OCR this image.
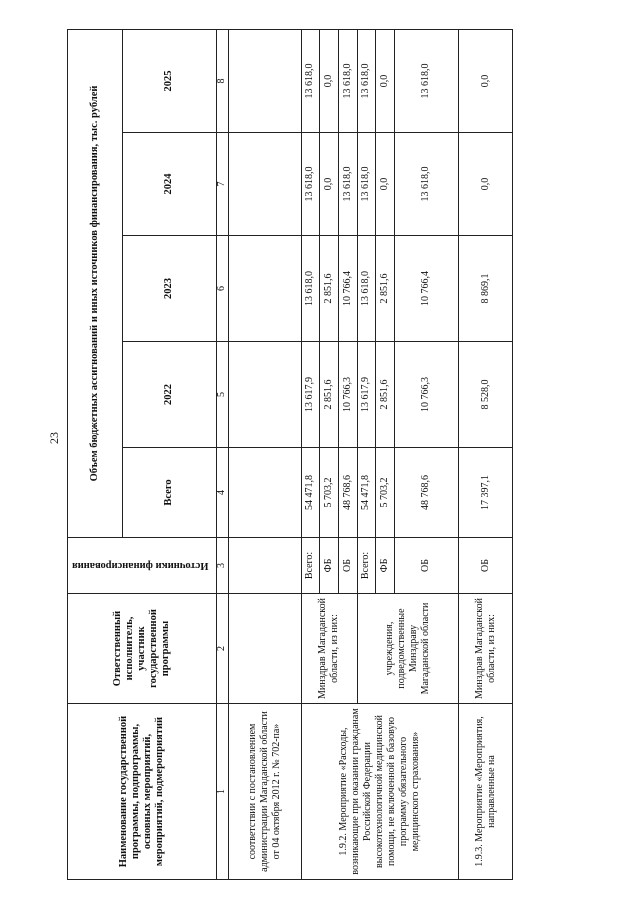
23
Наименование государственной программы, подпрограммы, основных мероприятий, мероприятий, подмероприятий	Ответственный исполнитель, участник государственной программы	Источники финансирования	Объем бюджетных ассигнований и иных источников финансирования, тыс. рублей				
			Всего	2022	2023	2024	2025
1	2	3	4	5	6	7	8
соответствии с постановлением администрации Магаданской области от 04 октября 2012 г. № 702-па»							
1.9.2. Мероприятие «Расходы, возникающие при оказании гражданам Российской Федерации высокотехнологичной медицинской помощи, не включенной в базовую программу обязательного медицинского страхования»	Минздрав Магаданской области, из них:	Всего:	54 471,8	13 617,9	13 618,0	13 618,0	13 618,0
		ФБ	5 703,2	2 851,6	2 851,6	0,0	0,0
		ОБ	48 768,6	10 766,3	10 766,4	13 618,0	13 618,0
	учреждения, подведомственные Минздраву Магаданской области	Всего:	54 471,8	13 617,9	13 618,0	13 618,0	13 618,0
		ФБ	5 703,2	2 851,6	2 851,6	0,0	0,0
		ОБ	48 768,6	10 766,3	10 766,4	13 618,0	13 618,0
1.9.3. Мероприятие «Мероприятия, направленные на	Минздрав Магаданской области, из них:	ОБ	17 397,1	8 528,0	8 869,1	0,0	0,0
